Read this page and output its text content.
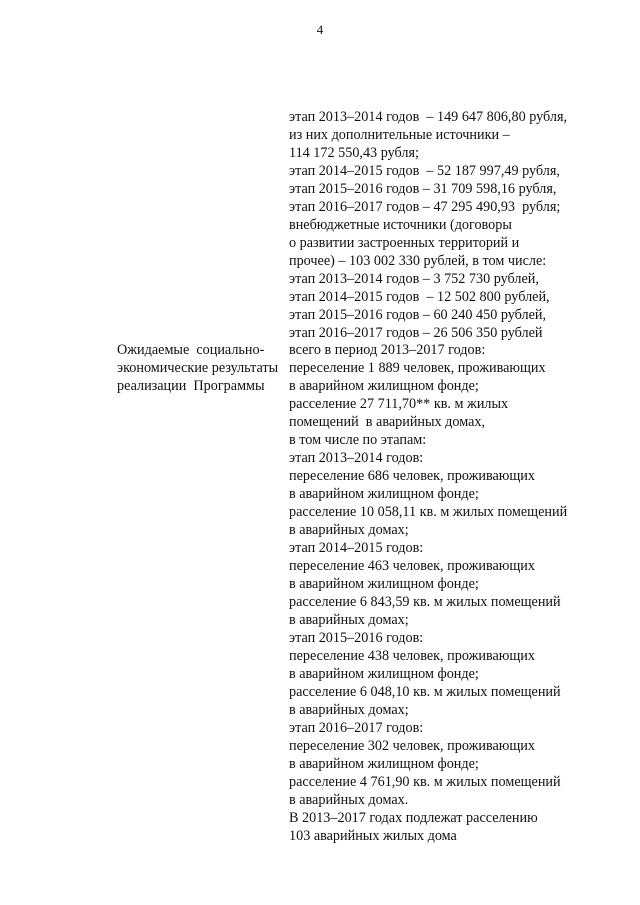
4
этап 2013–2014 годов  – 149 647 806,80 рубля,
из них дополнительные источники –
114 172 550,43 рубля;
этап 2014–2015 годов  – 52 187 997,49 рубля,
этап 2015–2016 годов – 31 709 598,16 рубля,
этап 2016–2017 годов – 47 295 490,93  рубля;
внебюджетные источники (договоры
о развитии застроенных территорий и
прочее) – 103 002 330 рублей, в том числе:
этап 2013–2014 годов – 3 752 730 рублей,
этап 2014–2015 годов  – 12 502 800 рублей,
этап 2015–2016 годов – 60 240 450 рублей,
этап 2016–2017 годов – 26 506 350 рублей
Ожидаемые  социально-
экономические результаты
реализации  Программы
всего в период 2013–2017 годов:
переселение 1 889 человек, проживающих
в аварийном жилищном фонде;
расселение 27 711,70** кв. м жилых
помещений  в аварийных домах,
в том числе по этапам:
этап 2013–2014 годов:
переселение 686 человек, проживающих
в аварийном жилищном фонде;
расселение 10 058,11 кв. м жилых помещений
в аварийных домах;
этап 2014–2015 годов:
переселение 463 человек, проживающих
в аварийном жилищном фонде;
расселение 6 843,59 кв. м жилых помещений
в аварийных домах;
этап 2015–2016 годов:
переселение 438 человек, проживающих
в аварийном жилищном фонде;
расселение 6 048,10 кв. м жилых помещений
в аварийных домах;
этап 2016–2017 годов:
переселение 302 человек, проживающих
в аварийном жилищном фонде;
расселение 4 761,90 кв. м жилых помещений
в аварийных домах.
В 2013–2017 годах подлежат расселению
103 аварийных жилых дома
